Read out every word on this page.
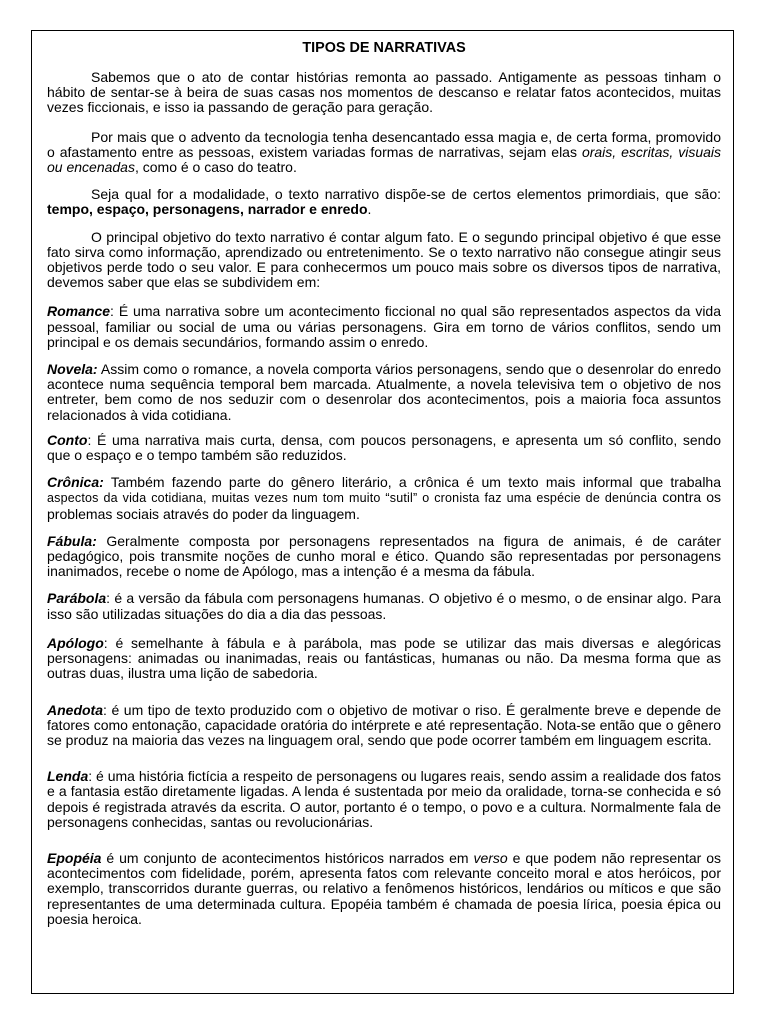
TIPOS DE NARRATIVAS

Sabemos que o ato de contar histórias remonta ao passado. Antigamente as pessoas tinham o hábito de sentar-se à beira de suas casas nos momentos de descanso e relatar fatos acontecidos, muitas vezes ficcionais, e isso ia passando de geração para geração.

Por mais que o advento da tecnologia tenha desencantado essa magia e, de certa forma, promovido o afastamento entre as pessoas, existem variadas formas de narrativas, sejam elas orais, escritas, visuais ou encenadas, como é o caso do teatro.

Seja qual for a modalidade, o texto narrativo dispõe-se de certos elementos primordiais, que são: tempo, espaço, personagens, narrador e enredo.

O principal objetivo do texto narrativo é contar algum fato. E o segundo principal objetivo é que esse fato sirva como informação, aprendizado ou entretenimento. Se o texto narrativo não consegue atingir seus objetivos perde todo o seu valor. E para conhecermos um pouco mais sobre os diversos tipos de narrativa, devemos saber que elas se subdividem em:

Romance: É uma narrativa sobre um acontecimento ficcional no qual são representados aspectos da vida pessoal, familiar ou social de uma ou várias personagens. Gira em torno de vários conflitos, sendo um principal e os demais secundários, formando assim o enredo.

Novela: Assim como o romance, a novela comporta vários personagens, sendo que o desenrolar do enredo acontece numa sequência temporal bem marcada. Atualmente, a novela televisiva tem o objetivo de nos entreter, bem como de nos seduzir com o desenrolar dos acontecimentos, pois a maioria foca assuntos relacionados à vida cotidiana.

Conto: É uma narrativa mais curta, densa, com poucos personagens, e apresenta um só conflito, sendo que o espaço e o tempo também são reduzidos.

Crônica: Também fazendo parte do gênero literário, a crônica é um texto mais informal que trabalha aspectos da vida cotidiana, muitas vezes num tom muito “sutil” o cronista faz uma espécie de denúncia contra os problemas sociais através do poder da linguagem.

Fábula: Geralmente composta por personagens representados na figura de animais, é de caráter pedagógico, pois transmite noções de cunho moral e ético. Quando são representadas por personagens inanimados, recebe o nome de Apólogo, mas a intenção é a mesma da fábula.

Parábola: é a versão da fábula com personagens humanas. O objetivo é o mesmo, o de ensinar algo. Para isso são utilizadas situações do dia a dia das pessoas.

Apólogo: é semelhante à fábula e à parábola, mas pode se utilizar das mais diversas e alegóricas personagens: animadas ou inanimadas, reais ou fantásticas, humanas ou não. Da mesma forma que as outras duas, ilustra uma lição de sabedoria.

Anedota: é um tipo de texto produzido com o objetivo de motivar o riso. É geralmente breve e depende de fatores como entonação, capacidade oratória do intérprete e até representação. Nota-se então que o gênero se produz na maioria das vezes na linguagem oral, sendo que pode ocorrer também em linguagem escrita.

Lenda: é uma história fictícia a respeito de personagens ou lugares reais, sendo assim a realidade dos fatos e a fantasia estão diretamente ligadas. A lenda é sustentada por meio da oralidade, torna-se conhecida e só depois é registrada através da escrita. O autor, portanto é o tempo, o povo e a cultura. Normalmente fala de personagens conhecidas, santas ou revolucionárias.

Epopéia é um conjunto de acontecimentos históricos narrados em verso e que podem não representar os acontecimentos com fidelidade, porém, apresenta fatos com relevante conceito moral e atos heróicos, por exemplo, transcorridos durante guerras, ou relativo a fenômenos históricos, lendários ou míticos e que são representantes de uma determinada cultura. Epopéia também é chamada de poesia lírica, poesia épica ou poesia heroica.
